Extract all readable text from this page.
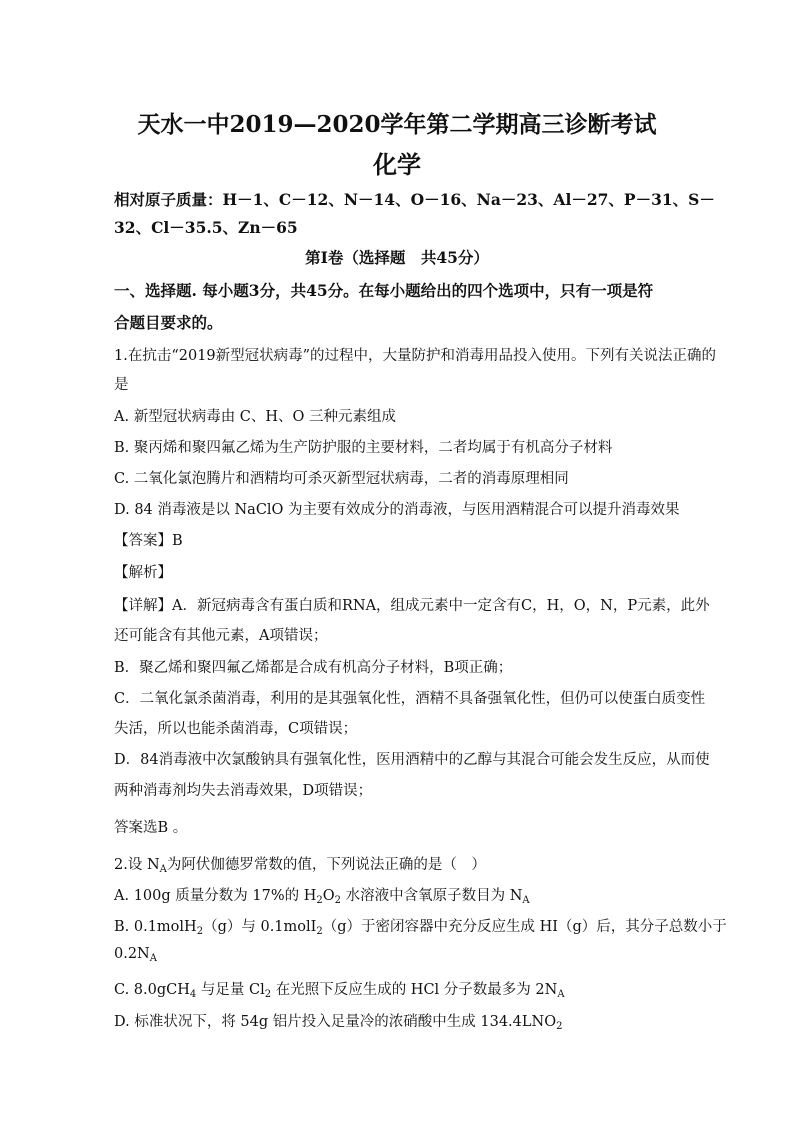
天水一中2019—2020学年第二学期高三诊断考试
化学
相对原子质量：H－1、C－12、N－14、O－16、Na－23、Al－27、P－31、S－
32、Cl－35.5、Zn－65
第I卷（选择题　共45分）
一、选择题. 每小题3分，共45分。在每小题给出的四个选项中，只有一项是符
合题目要求的。
1.在抗击“2019新型冠状病毒”的过程中，大量防护和消毒用品投入使用。下列有关说法正确的
是
A. 新型冠状病毒由 C、H、O 三种元素组成
B. 聚丙烯和聚四氟乙烯为生产防护服的主要材料，二者均属于有机高分子材料
C. 二氧化氯泡腾片和酒精均可杀灭新型冠状病毒，二者的消毒原理相同
D. 84 消毒液是以 NaClO 为主要有效成分的消毒液，与医用酒精混合可以提升消毒效果
【答案】B
【解析】
【详解】A．新冠病毒含有蛋白质和RNA，组成元素中一定含有C，H，O，N，P元素，此外
还可能含有其他元素，A项错误；
B．聚乙烯和聚四氟乙烯都是合成有机高分子材料，B项正确；
C．二氧化氯杀菌消毒，利用的是其强氧化性，酒精不具备强氧化性，但仍可以使蛋白质变性
失活，所以也能杀菌消毒，C项错误；
D．84消毒液中次氯酸钠具有强氧化性，医用酒精中的乙醇与其混合可能会发生反应，从而使
两种消毒剂均失去消毒效果，D项错误；
答案选B 。
2.设 $N_A$为阿伏伽德罗常数的值，下列说法正确的是（　）
A. 100g 质量分数为 17%的 $H_2O_2$ 水溶液中含氧原子数目为 $N_A$
B. 0.1molH$_2$（g）与 0.1molI$_2$（g）于密闭容器中充分反应生成 HI（g）后，其分子总数小于
$0.2N_A$
C. 8.0gCH$_4$ 与足量 $Cl_2$ 在光照下反应生成的 HCl 分子数最多为 $2N_A$
D. 标准状况下，将 54g 铝片投入足量冷的浓硝酸中生成 $134.4LNO_2$
